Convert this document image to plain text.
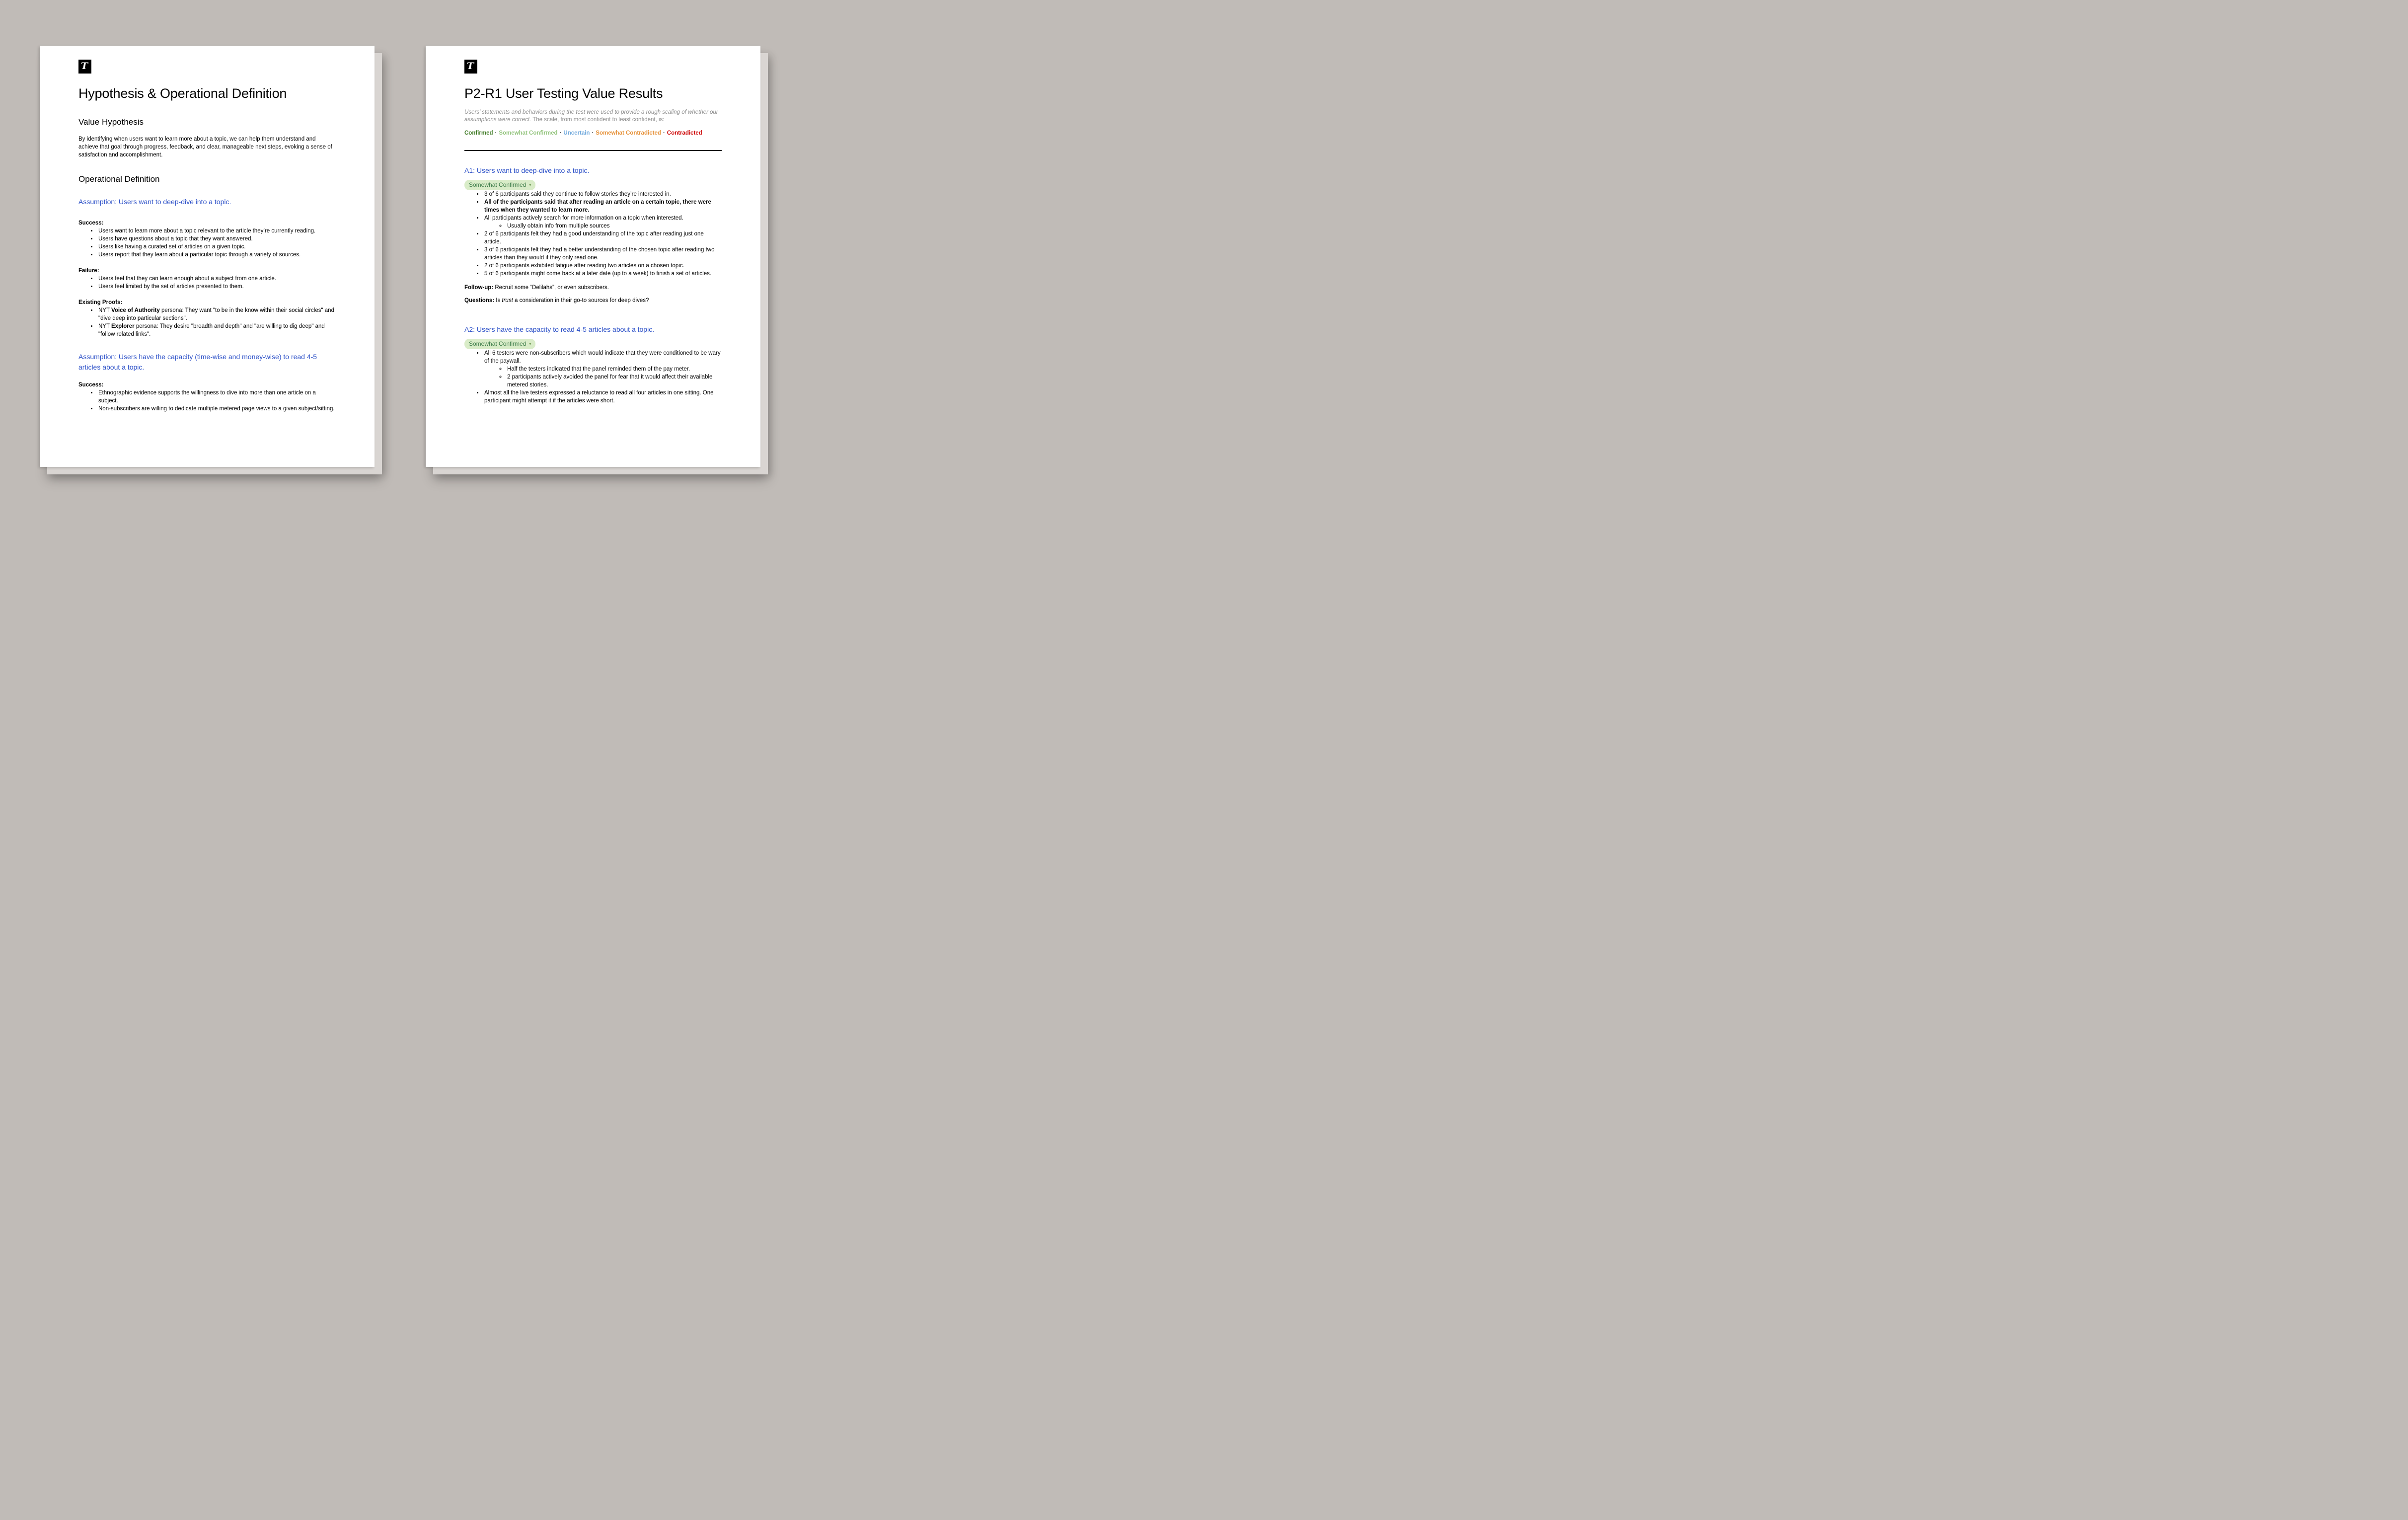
T
Hypothesis & Operational Definition
Value Hypothesis

By identifying when users want to learn more about a topic, we can help them understand and achieve that goal through progress, feedback, and clear, manageable next steps, evoking a sense of satisfaction and accomplishment.

Operational Definition
Assumption: Users want to deep-dive into a topic.

Success:

• Users want to learn more about a topic relevant to the article they’re currently reading.
• Users have questions about a topic that they want answered.
• Users like having a curated set of articles on a given topic.
• Users report that they learn about a particular topic through a variety of sources.

Failure:

• Users feel that they can learn enough about a subject from one article.
• Users feel limited by the set of articles presented to them.

Existing Proofs:

• NYT Voice of Authority persona: They want "to be in the know within their social circles" and "dive deep into particular sections".
• NYT Explorer persona: They desire "breadth and depth" and "are willing to dig deep" and "follow related links".
Assumption: Users have the capacity (time-wise and money-wise) to read 4-5 articles about a topic.

Success:

• Ethnographic evidence supports the willingness to dive into more than one article on a subject.
• Non-subscribers are willing to dedicate multiple metered page views to a given subject/sitting.
T
P2-R1 User Testing Value Results

Users’ statements and behaviors during the test were used to provide a rough scaling of whether our assumptions were correct. The scale, from most confident to least confident, is:

Confirmed · Somewhat Confirmed · Uncertain · Somewhat Contradicted · Contradicted

A1: Users want to deep-dive into a topic.
Somewhat Confirmed ▾
• 3 of 6 participants said they continue to follow stories they’re interested in.
• All of the participants said that after reading an article on a certain topic, there were times when they wanted to learn more.
• All participants actively search for more information on a topic when interested.
◦ Usually obtain info from multiple sources
• 2 of 6 participants felt they had a good understanding of the topic after reading just one article.
• 3 of 6 participants felt they had a better understanding of the chosen topic after reading two articles than they would if they only read one.
• 2 of 6 participants exhibited fatigue after reading two articles on a chosen topic.
• 5 of 6 participants might come back at a later date (up to a week) to finish a set of articles.

Follow-up: Recruit some “Delilahs”, or even subscribers.

Questions: Is trust a consideration in their go-to sources for deep dives?

A2: Users have the capacity to read 4-5 articles about a topic.
Somewhat Confirmed ▾
• All 6 testers were non-subscribers which would indicate that they were conditioned to be wary of the paywall.
◦ Half the testers indicated that the panel reminded them of the pay meter.
◦ 2 participants actively avoided the panel for fear that it would affect their available metered stories.
• Almost all the live testers expressed a reluctance to read all four articles in one sitting. One participant might attempt it if the articles were short.
